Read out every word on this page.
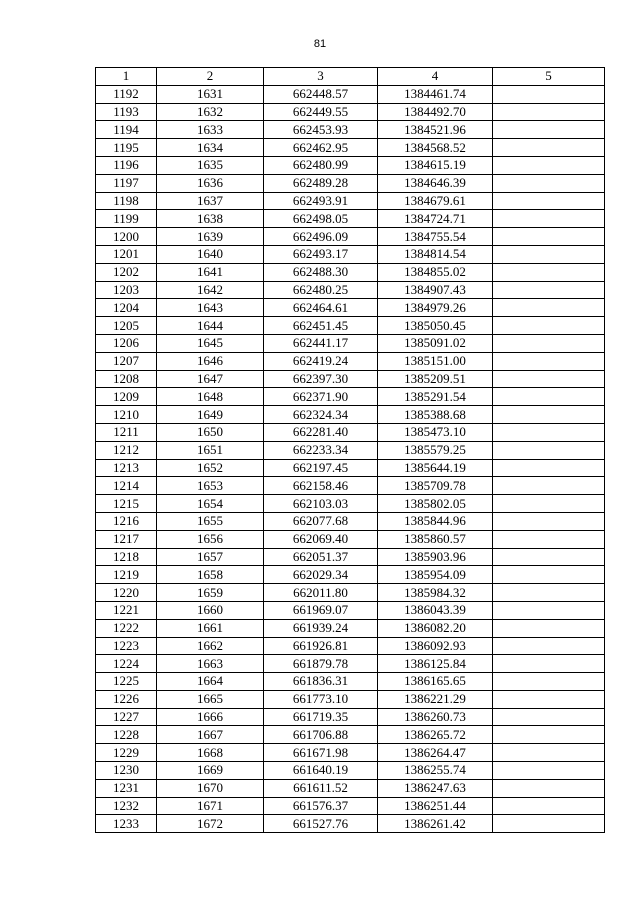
81
1	2	3	4	5
1192	1631	662448.57	1384461.74	
1193	1632	662449.55	1384492.70	
1194	1633	662453.93	1384521.96	
1195	1634	662462.95	1384568.52	
1196	1635	662480.99	1384615.19	
1197	1636	662489.28	1384646.39	
1198	1637	662493.91	1384679.61	
1199	1638	662498.05	1384724.71	
1200	1639	662496.09	1384755.54	
1201	1640	662493.17	1384814.54	
1202	1641	662488.30	1384855.02	
1203	1642	662480.25	1384907.43	
1204	1643	662464.61	1384979.26	
1205	1644	662451.45	1385050.45	
1206	1645	662441.17	1385091.02	
1207	1646	662419.24	1385151.00	
1208	1647	662397.30	1385209.51	
1209	1648	662371.90	1385291.54	
1210	1649	662324.34	1385388.68	
1211	1650	662281.40	1385473.10	
1212	1651	662233.34	1385579.25	
1213	1652	662197.45	1385644.19	
1214	1653	662158.46	1385709.78	
1215	1654	662103.03	1385802.05	
1216	1655	662077.68	1385844.96	
1217	1656	662069.40	1385860.57	
1218	1657	662051.37	1385903.96	
1219	1658	662029.34	1385954.09	
1220	1659	662011.80	1385984.32	
1221	1660	661969.07	1386043.39	
1222	1661	661939.24	1386082.20	
1223	1662	661926.81	1386092.93	
1224	1663	661879.78	1386125.84	
1225	1664	661836.31	1386165.65	
1226	1665	661773.10	1386221.29	
1227	1666	661719.35	1386260.73	
1228	1667	661706.88	1386265.72	
1229	1668	661671.98	1386264.47	
1230	1669	661640.19	1386255.74	
1231	1670	661611.52	1386247.63	
1232	1671	661576.37	1386251.44	
1233	1672	661527.76	1386261.42	
